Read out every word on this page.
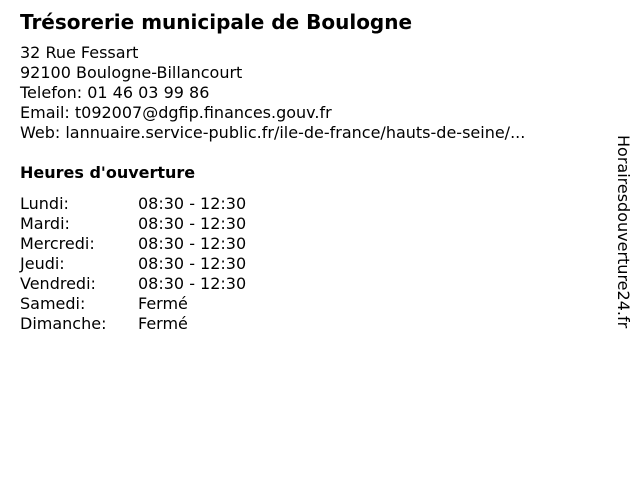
Trésorerie municipale de Boulogne
32 Rue Fessart
92100 Boulogne-Billancourt
Telefon: 01 46 03 99 86
Email: t092007@dgfip.finances.gouv.fr
Web: lannuaire.service-public.fr/ile-de-france/hauts-de-seine/...
Heures d'ouverture
Lundi:	08:30 - 12:30
Mardi:	08:30 - 12:30
Mercredi:	08:30 - 12:30
Jeudi:	08:30 - 12:30
Vendredi:	08:30 - 12:30
Samedi:	Fermé
Dimanche:	Fermé	Horairesdouverture24.fr
